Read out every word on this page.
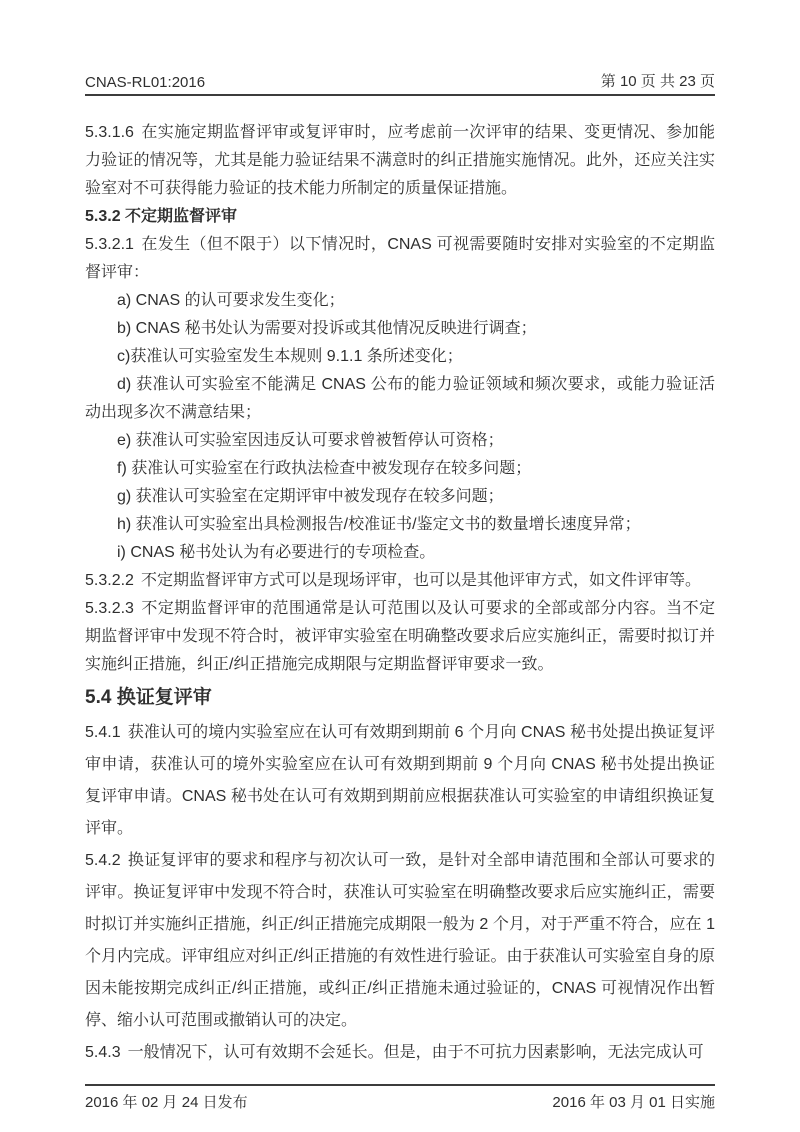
CNAS-RL01:2016	第 10 页 共 23 页

5.3.1.6 在实施定期监督评审或复评审时，应考虑前一次评审的结果、变更情况、参加能力验证的情况等，尤其是能力验证结果不满意时的纠正措施实施情况。此外，还应关注实验室对不可获得能力验证的技术能力所制定的质量保证措施。

5.3.2 不定期监督评审

5.3.2.1 在发生（但不限于）以下情况时，CNAS 可视需要随时安排对实验室的不定期监督评审：

a) CNAS 的认可要求发生变化；

b) CNAS 秘书处认为需要对投诉或其他情况反映进行调查；

c)获准认可实验室发生本规则 9.1.1 条所述变化；

d) 获准认可实验室不能满足 CNAS 公布的能力验证领域和频次要求，或能力验证活动出现多次不满意结果；

e) 获准认可实验室因违反认可要求曾被暂停认可资格；

f) 获准认可实验室在行政执法检查中被发现存在较多问题；

g) 获准认可实验室在定期评审中被发现存在较多问题；

h) 获准认可实验室出具检测报告/校准证书/鉴定文书的数量增长速度异常；

i) CNAS 秘书处认为有必要进行的专项检查。

5.3.2.2 不定期监督评审方式可以是现场评审，也可以是其他评审方式，如文件评审等。

5.3.2.3 不定期监督评审的范围通常是认可范围以及认可要求的全部或部分内容。当不定期监督评审中发现不符合时，被评审实验室在明确整改要求后应实施纠正，需要时拟订并实施纠正措施，纠正/纠正措施完成期限与定期监督评审要求一致。

5.4 换证复评审

5.4.1 获准认可的境内实验室应在认可有效期到期前 6 个月向 CNAS 秘书处提出换证复评审申请，获准认可的境外实验室应在认可有效期到期前 9 个月向 CNAS 秘书处提出换证复评审申请。CNAS 秘书处在认可有效期到期前应根据获准认可实验室的申请组织换证复评审。

5.4.2 换证复评审的要求和程序与初次认可一致，是针对全部申请范围和全部认可要求的评审。换证复评审中发现不符合时，获准认可实验室在明确整改要求后应实施纠正，需要时拟订并实施纠正措施，纠正/纠正措施完成期限一般为 2 个月，对于严重不符合，应在 1 个月内完成。评审组应对纠正/纠正措施的有效性进行验证。由于获准认可实验室自身的原因未能按期完成纠正/纠正措施，或纠正/纠正措施未通过验证的，CNAS 可视情况作出暂停、缩小认可范围或撤销认可的决定。

5.4.3 一般情况下，认可有效期不会延长。但是，由于不可抗力因素影响，无法完成认可

2016 年 02 月 24 日发布	2016 年 03 月 01 日实施
